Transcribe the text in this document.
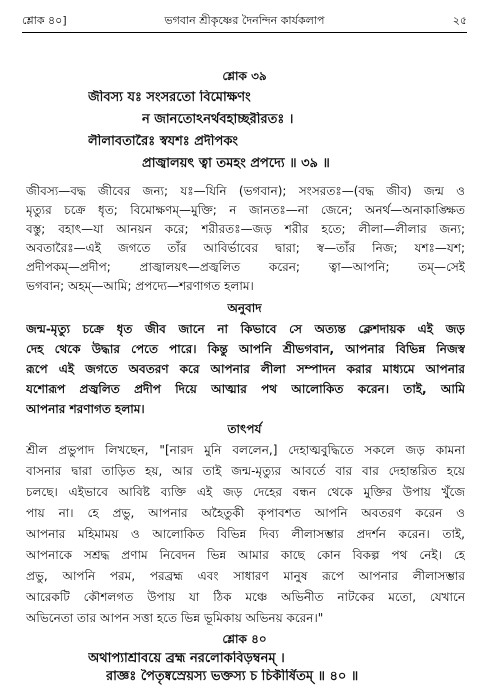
শ্লোক ৪০]	ভগবান শ্রীকৃষ্ণের দৈনন্দিন কার্যকলাপ	২৫
শ্লোক ৩৯
জীবস্য যঃ সংসরতো বিমোক্ষণং
ন জানতোঽনর্থবহাচ্ছরীরতঃ ।
লীলাবতারৈঃ স্বযশঃ প্রদীপকং
প্রাজ্বালয়ৎ ত্বা তমহং প্রপদ্যে ॥ ৩৯ ॥
জীবস্য—বদ্ধ জীবের জন্য; যঃ—যিনি (ভগবান); সংসরতঃ—(বদ্ধ জীব) জন্ম ও
মৃত্যুর চক্রে ধৃত; বিমোক্ষণম্—মুক্তি; ন জানতঃ—না জেনে; অনর্থ—অনাকাঙ্ক্ষিত
বস্তু; বহাৎ—যা আনয়ন করে; শরীরতঃ—জড় শরীর হতে; লীলা—লীলার জন্য;
অবতারৈঃ—এই জগতে তাঁর আবির্ভাবের দ্বারা; স্ব—তাঁর নিজ; যশঃ—যশ;
প্রদীপকম্—প্রদীপ; প্রাজ্বালয়ৎ—প্রজ্বলিত করেন; ত্বা—আপনি; তম্—সেই
ভগবান; অহম্—আমি; প্রপদ্যে—শরণাগত হলাম।
অনুবাদ
জন্ম-মৃত্যু চক্রে ধৃত জীব জানে না কিভাবে সে অত্যন্ত ক্লেশদায়ক এই জড়
দেহ থেকে উদ্ধার পেতে পারে। কিন্তু আপনি শ্রীভগবান, আপনার বিভিন্ন নিজস্ব
রূপে এই জগতে অবতরণ করে আপনার লীলা সম্পাদন করার মাধ্যমে আপনার
যশোরূপ প্রজ্বলিত প্রদীপ দিয়ে আত্মার পথ আলোকিত করেন। তাই, আমি
আপনার শরণাগত হলাম।
তাৎপর্য
শ্রীল প্রভুপাদ লিখছেন, "[নারদ মুনি বললেন,] দেহাত্মবুদ্ধিতে সকলে জড় কামনা
বাসনার দ্বারা তাড়িত হয়, আর তাই জন্ম-মৃত্যুর আবর্তে বার বার দেহান্তরিত হয়ে
চলছে। এইভাবে আবিষ্ট ব্যক্তি এই জড় দেহের বন্ধন থেকে মুক্তির উপায় খুঁজে
পায় না। হে প্রভু, আপনার অহৈতুকী কৃপাবশত আপনি অবতরণ করেন ও
আপনার মহিমাময় ও আলোকিত বিভিন্ন দিব্য লীলাসম্ভার প্রদর্শন করেন। তাই,
আপনাকে সশ্রদ্ধ প্রণাম নিবেদন ভিন্ন আমার কাছে কোন বিকল্প পথ নেই। হে
প্রভু, আপনি পরম, পরব্রহ্ম এবং সাধারণ মানুষ রূপে আপনার লীলাসম্ভার
আরেকটি কৌশলগত উপায় যা ঠিক মঞ্চে অভিনীত নাটকের মতো, যেখানে
অভিনেতা তার আপন সত্তা হতে ভিন্ন ভূমিকায় অভিনয় করেন।"
শ্লোক ৪০
অথাপ্যাশ্রাবয়ে ব্রহ্ম নরলোকবিড়ম্বনম্ ।
রাজ্ঞঃ পৈতৃষ্বস্রেয়স্য ভক্তস্য চ চিকীর্ষিতম্ ॥ ৪০ ॥
